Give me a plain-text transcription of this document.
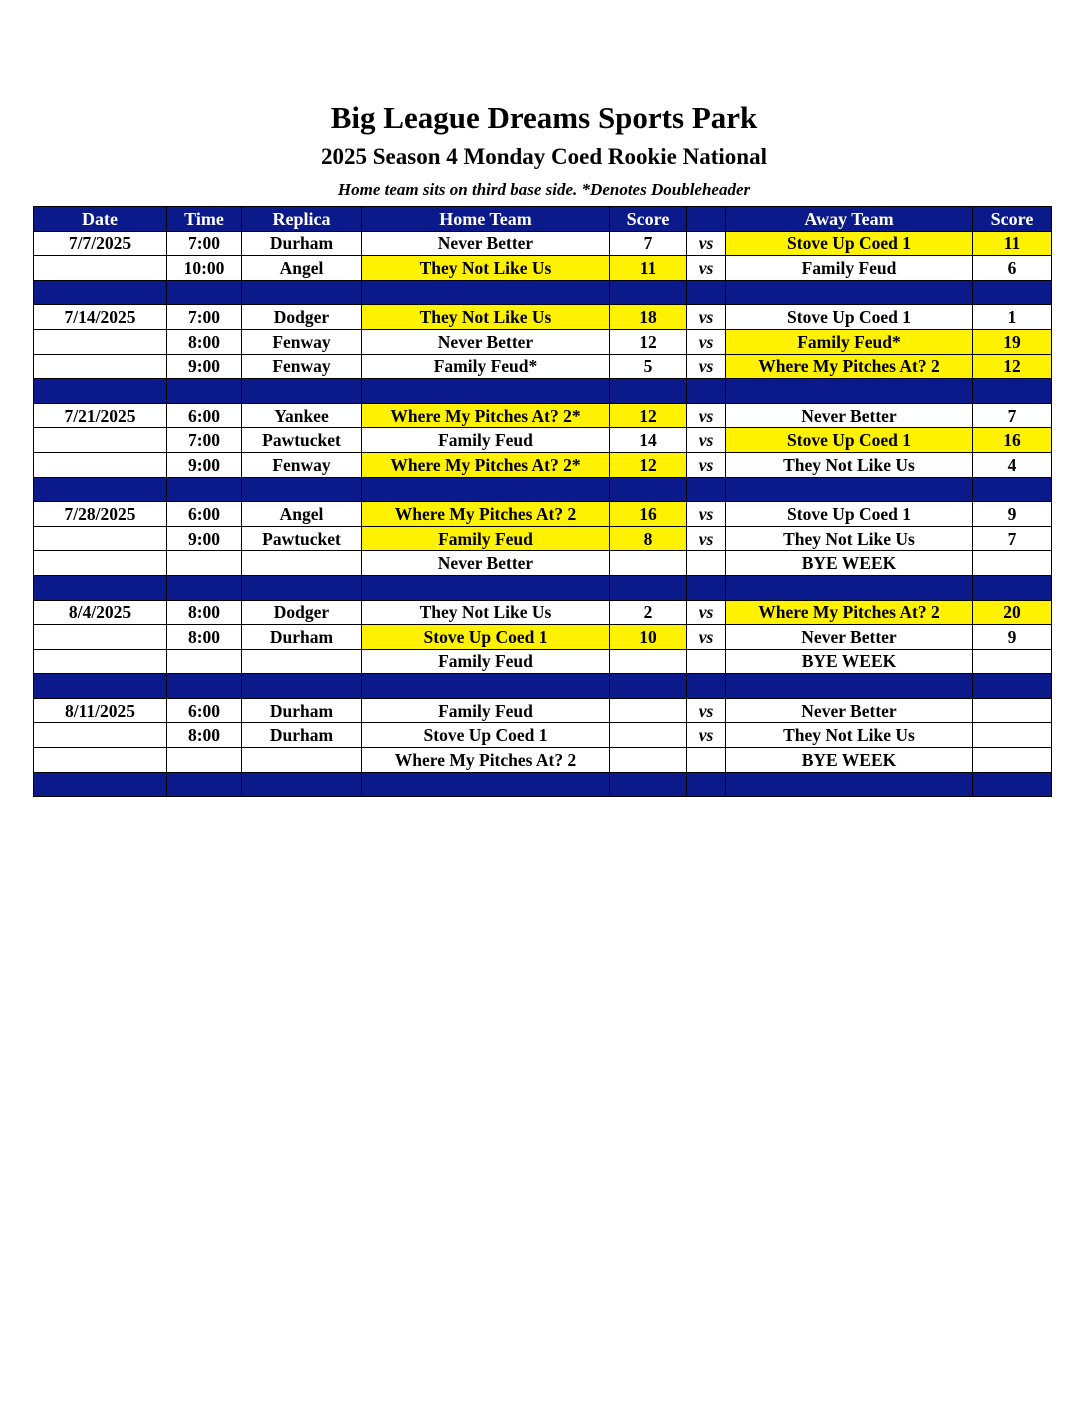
Big League Dreams Sports Park
2025 Season 4 Monday Coed Rookie National
Home team sits on third base side. *Denotes Doubleheader
Date	Time	Replica	Home Team	Score		Away Team	Score
7/7/2025	7:00	Durham	Never Better	7	vs	Stove Up Coed 1	11
	10:00	Angel	They Not Like Us	11	vs	Family Feud	6

7/14/2025	7:00	Dodger	They Not Like Us	18	vs	Stove Up Coed 1	1
	8:00	Fenway	Never Better	12	vs	Family Feud*	19
	9:00	Fenway	Family Feud*	5	vs	Where My Pitches At? 2	12

7/21/2025	6:00	Yankee	Where My Pitches At? 2*	12	vs	Never Better	7
	7:00	Pawtucket	Family Feud	14	vs	Stove Up Coed 1	16
	9:00	Fenway	Where My Pitches At? 2*	12	vs	They Not Like Us	4

7/28/2025	6:00	Angel	Where My Pitches At? 2	16	vs	Stove Up Coed 1	9
	9:00	Pawtucket	Family Feud	8	vs	They Not Like Us	7
			Never Better			BYE WEEK	

8/4/2025	8:00	Dodger	They Not Like Us	2	vs	Where My Pitches At? 2	20
	8:00	Durham	Stove Up Coed 1	10	vs	Never Better	9
			Family Feud			BYE WEEK	

8/11/2025	6:00	Durham	Family Feud		vs	Never Better	
	8:00	Durham	Stove Up Coed 1		vs	They Not Like Us	
			Where My Pitches At? 2			BYE WEEK	
